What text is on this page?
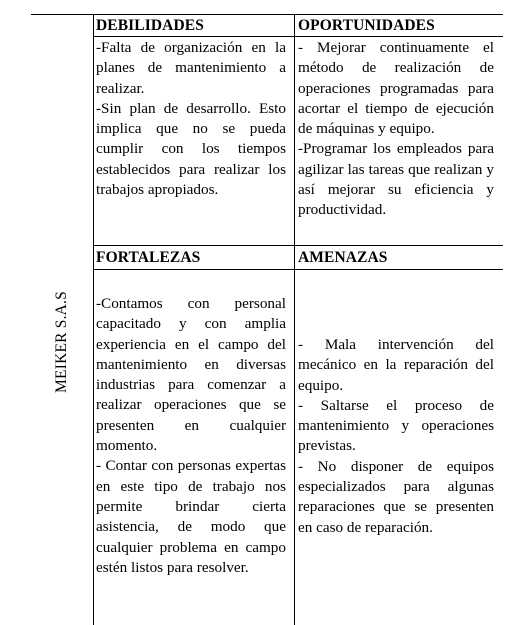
MEIKER S.A.S
DEBILIDADES	OPORTUNIDADES
FORTALEZAS	AMENAZAS

-Falta de organización en la planes de mantenimiento a realizar.

-Sin plan de desarrollo. Esto implica que no se pueda cumplir con los tiempos establecidos para realizar los trabajos apropiados.

- Mejorar continuamente el método de realización de operaciones programadas para acortar el tiempo de ejecución de máquinas y equipo.

-Programar los empleados para agilizar las tareas que realizan y así mejorar su eficiencia y productividad.

-Contamos con personal capacitado y con amplia experiencia en el campo del mantenimiento en diversas industrias para comenzar a realizar operaciones que se presenten en cualquier momento.

- Contar con personas expertas en este tipo de trabajo nos permite brindar cierta asistencia, de modo que cualquier problema en campo estén listos para resolver.

- Mala intervención del mecánico en la reparación del equipo.

- Saltarse el proceso de mantenimiento y operaciones previstas.

- No disponer de equipos especializados para algunas reparaciones que se presenten en caso de reparación.
